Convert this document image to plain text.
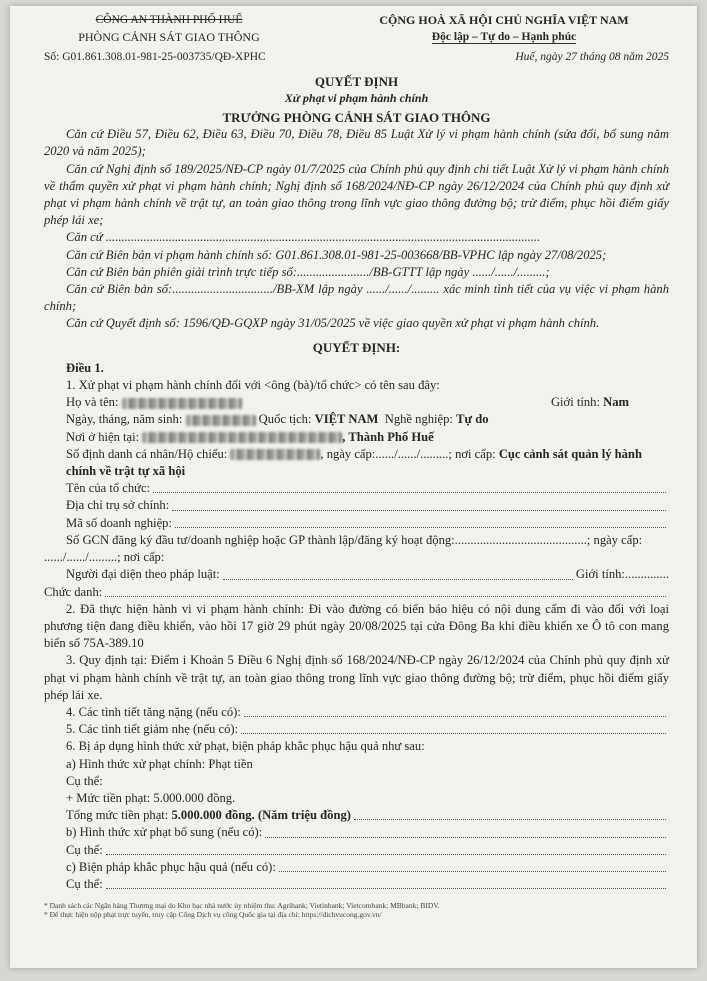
CÔNG AN THÀNH PHỐ HUẾ
PHÒNG CẢNH SÁT GIAO THÔNG
CỘNG HOÀ XÃ HỘI CHỦ NGHĨA VIỆT NAM
Độc lập – Tự do – Hạnh phúc
Số: G01.861.308.01-981-25-003735/QĐ-XPHC	Huế, ngày 27 tháng 08 năm 2025
QUYẾT ĐỊNH
Xử phạt vi phạm hành chính
TRƯỞNG PHÒNG CẢNH SÁT GIAO THÔNG
Căn cứ Điều 57, Điều 62, Điều 63, Điều 70, Điều 78, Điều 85 Luật Xử lý vi phạm hành chính (sửa đổi, bổ sung năm 2020 và năm 2025);
Căn cứ Nghị định số 189/2025/NĐ-CP ngày 01/7/2025 của Chính phủ quy định chi tiết Luật Xử lý vi phạm hành chính về thẩm quyền xử phạt vi phạm hành chính; Nghị định số 168/2024/NĐ-CP ngày 26/12/2024 của Chính phủ quy định xử phạt vi phạm hành chính về trật tự, an toàn giao thông trong lĩnh vực giao thông đường bộ; trừ điểm, phục hồi điểm giấy phép lái xe;
Căn cứ ..........................................................................................................................................
Căn cứ Biên bản vi phạm hành chính số: G01.861.308.01-981-25-003668/BB-VPHC lập ngày 27/08/2025;
Căn cứ Biên bản phiên giải trình trực tiếp số:......................./BB-GTTT lập ngày ....../....../.........;
Căn cứ Biên bản số:................................/BB-XM lập ngày ....../....../......... xác minh tình tiết của vụ việc vi phạm hành chính;
Căn cứ Quyết định số: 1596/QĐ-GQXP ngày 31/05/2025 về việc giao quyền xử phạt vi phạm hành chính.
QUYẾT ĐỊNH:
Điều 1.
1. Xử phạt vi phạm hành chính đối với <ông (bà)/tổ chức> có tên sau đây:
Họ và tên:	Giới tính: Nam
Ngày, tháng, năm sinh:	Quốc tịch: VIỆT NAM Nghề nghiệp: Tự do
Nơi ở hiện tại:	, Thành Phố Huế
Số định danh cá nhân/Hộ chiếu:	, ngày cấp:....../....../.........; nơi cấp: Cục cảnh sát quản lý hành chính về trật tự xã hội
Tên của tổ chức:
Địa chỉ trụ sở chính:
Mã số doanh nghiệp:
Số GCN đăng ký đầu tư/doanh nghiệp hoặc GP thành lập/đăng ký hoạt động:..........................................; ngày cấp: ....../....../.........; nơi cấp:
Người đại diện theo pháp luật:	Giới tính:..............
Chức danh:
2. Đã thực hiện hành vi vi phạm hành chính: Đi vào đường có biển báo hiệu có nội dung cấm đi vào đối với loại phương tiện đang điều khiển, vào hồi 17 giờ 29 phút ngày 20/08/2025 tại cửa Đông Ba khi điều khiển xe Ô tô con mang biển số 75A-389.10
3. Quy định tại: Điểm i Khoản 5 Điều 6 Nghị định số 168/2024/NĐ-CP ngày 26/12/2024 của Chính phủ quy định xử phạt vi phạm hành chính về trật tự, an toàn giao thông trong lĩnh vực giao thông đường bộ; trừ điểm, phục hồi điểm giấy phép lái xe.
4. Các tình tiết tăng nặng (nếu có):
5. Các tình tiết giảm nhẹ (nếu có):
6. Bị áp dụng hình thức xử phạt, biện pháp khắc phục hậu quả như sau:
a) Hình thức xử phạt chính: Phạt tiền
Cụ thể:
+ Mức tiền phạt: 5.000.000 đồng.
Tổng mức tiền phạt: 5.000.000 đồng. (Năm triệu đồng)
b) Hình thức xử phạt bổ sung (nếu có):
Cụ thể:
c) Biện pháp khắc phục hậu quả (nếu có):
Cụ thể:
* Danh sách các Ngân hàng Thương mại do Kho bạc nhà nước ủy nhiệm thu: Agribank; Vietinbank; Vietcombank; MBbank; BIDV.
* Để thực hiện nộp phạt trực tuyến, truy cập Cổng Dịch vụ công Quốc gia tại địa chỉ: https://dichvucong.gov.vn/
